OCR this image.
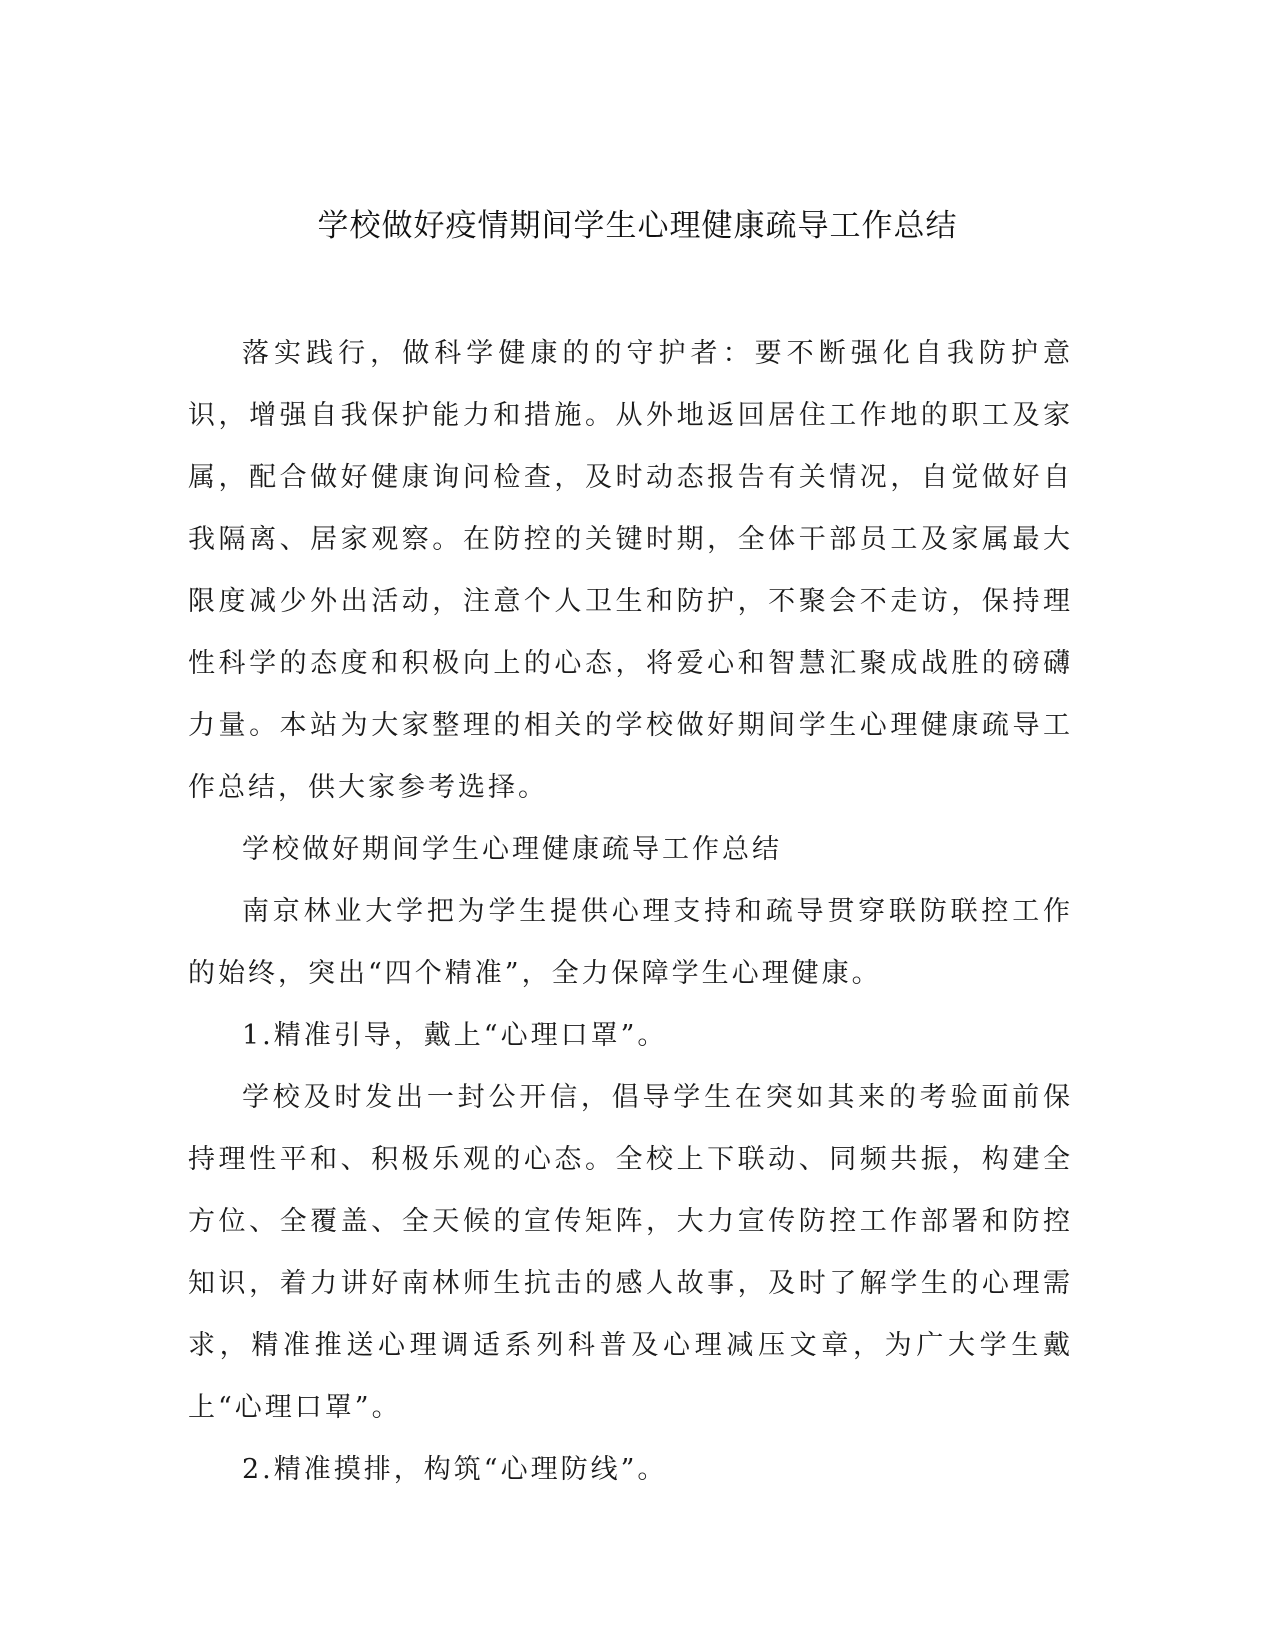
学校做好疫情期间学生心理健康疏导工作总结

落实践行，做科学健康的的守护者：要不断强化自我防护意识，增强自我保护能力和措施。从外地返回居住工作地的职工及家属，配合做好健康询问检查，及时动态报告有关情况，自觉做好自我隔离、居家观察。在防控的关键时期，全体干部员工及家属最大限度减少外出活动，注意个人卫生和防护，不聚会不走访，保持理性科学的态度和积极向上的心态，将爱心和智慧汇聚成战胜的磅礴力量。本站为大家整理的相关的学校做好期间学生心理健康疏导工作总结，供大家参考选择。

学校做好期间学生心理健康疏导工作总结

南京林业大学把为学生提供心理支持和疏导贯穿联防联控工作的始终，突出“四个精准”，全力保障学生心理健康。

1.精准引导，戴上“心理口罩”。

学校及时发出一封公开信，倡导学生在突如其来的考验面前保持理性平和、积极乐观的心态。全校上下联动、同频共振，构建全方位、全覆盖、全天候的宣传矩阵，大力宣传防控工作部署和防控知识，着力讲好南林师生抗击的感人故事，及时了解学生的心理需求，精准推送心理调适系列科普及心理减压文章，为广大学生戴上“心理口罩”。

2.精准摸排，构筑“心理防线”。
